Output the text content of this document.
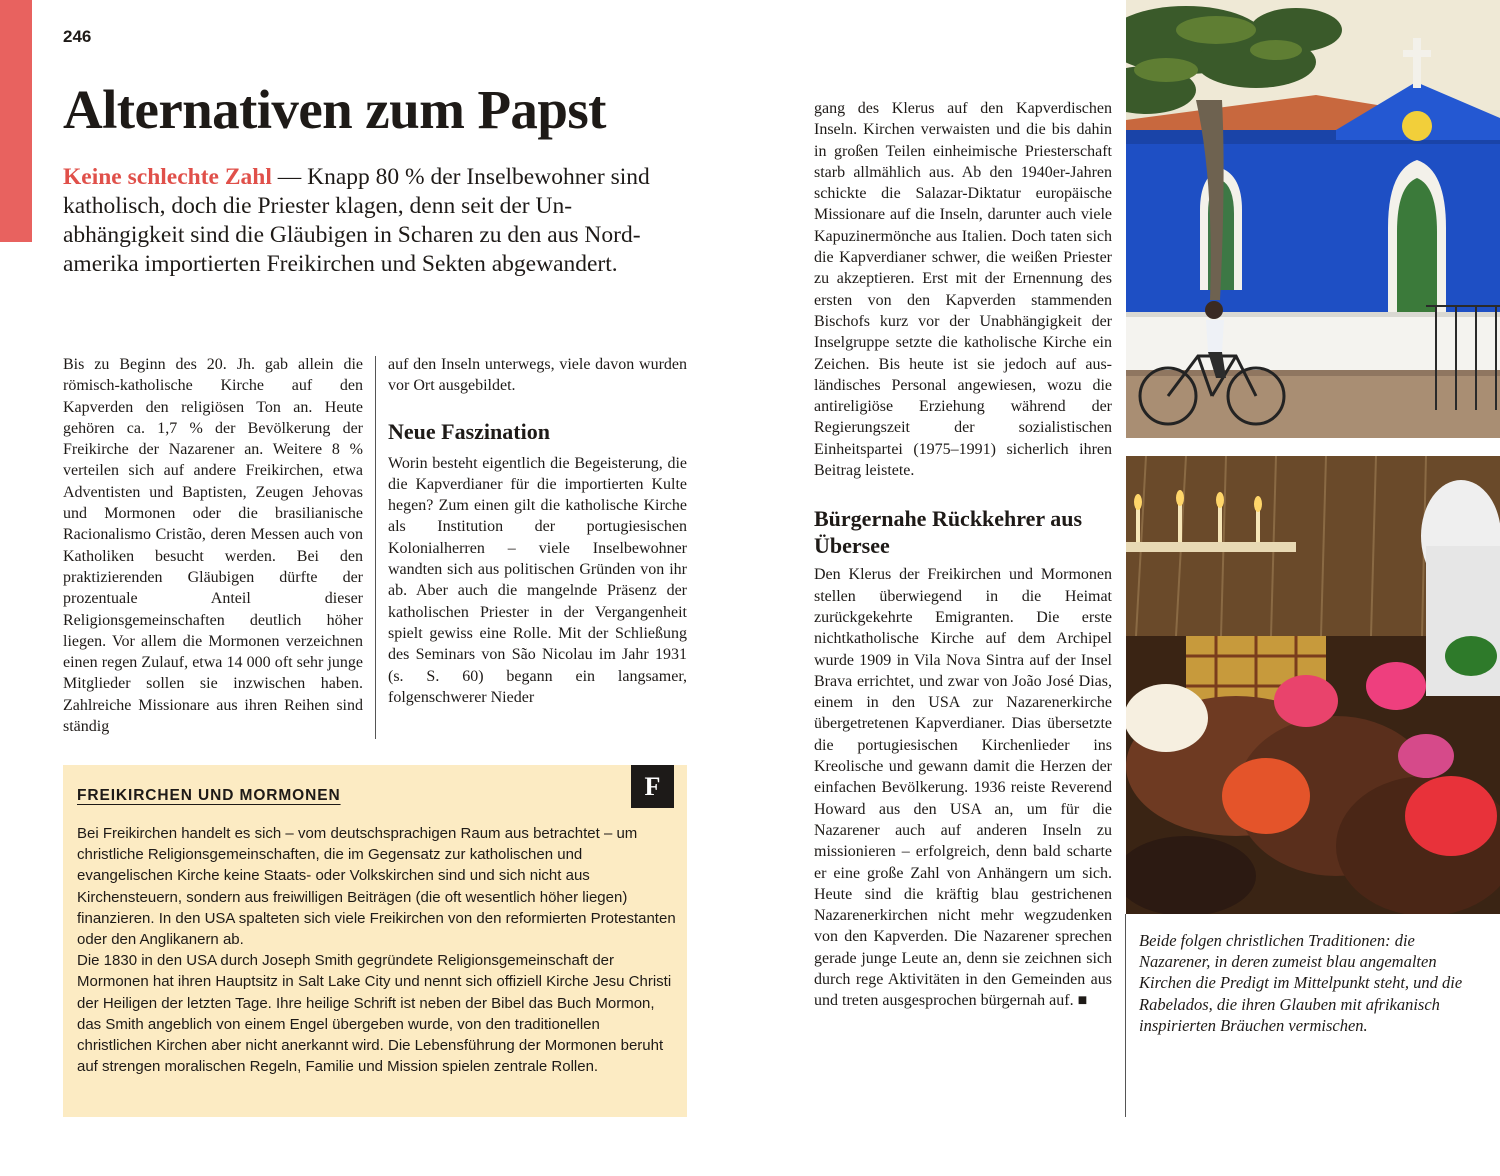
246
Alternativen zum Papst
Keine schlechte Zahl — Knapp 80 % der Inselbewohner sind katholisch, doch die Priester klagen, denn seit der Unabhängigkeit sind die Gläubigen in Scharen zu den aus Nordamerika importierten Freikirchen und Sekten abgewandert.

Bis zu Beginn des 20. Jh. gab allein die römisch-katholische Kirche auf den Kapverden den religiösen Ton an. Heute gehören ca. 1,7 % der Bevölkerung der Freikirche der Nazarener an. Weitere 8 % verteilen sich auf andere Freikirchen, etwa Adventisten und Baptisten, Zeugen Jehovas und Mormonen oder die brasilianische Racionalismo Cristão, deren Messen auch von Katholiken besucht werden. Bei den praktizierenden Gläubigen dürfte der prozentuale Anteil dieser Religionsgemeinschaften deutlich höher liegen. Vor allem die Mormonen verzeichnen einen regen Zulauf, etwa 14 000 oft sehr junge Mitglieder sollen sie inzwischen haben. Zahlreiche Missionare aus ihren Reihen sind ständig

auf den Inseln unterwegs, viele davon wurden vor Ort ausgebildet.

Neue Faszination

Worin besteht eigentlich die Begeisterung, die die Kapverdianer für die importierten Kulte hegen? Zum einen gilt die katholische Kirche als Institution der portugiesischen Kolonialherren – viele Inselbewohner wandten sich aus politischen Gründen von ihr ab. Aber auch die mangelnde Präsenz der katholischen Priester in der Vergangenheit spielt gewiss eine Rolle. Mit der Schließung des Seminars von São Nicolau im Jahr 1931 (s. S. 60) begann ein langsamer, folgenschwerer Nieder

FREIKIRCHEN UND MORMONEN	F

Bei Freikirchen handelt es sich – vom deutschsprachigen Raum aus betrachtet – um christliche Religionsgemeinschaften, die im Gegensatz zur katholischen und evangelischen Kirche keine Staats- oder Volkskirchen sind und sich nicht aus Kirchensteuern, sondern aus freiwilligen Beiträgen (die oft wesentlich höher liegen) finanzieren. In den USA spalteten sich viele Freikirchen von den reformierten Protestanten oder den Anglikanern ab.

Die 1830 in den USA durch Joseph Smith gegründete Religionsgemeinschaft der Mormonen hat ihren Hauptsitz in Salt Lake City und nennt sich offiziell Kirche Jesu Christi der Heiligen der letzten Tage. Ihre heilige Schrift ist neben der Bibel das Buch Mormon, das Smith angeblich von einem Engel übergeben wurde, von den traditionellen christlichen Kirchen aber nicht anerkannt wird. Die Lebensführung der Mormonen beruht auf strengen moralischen Regeln, Familie und Mission spielen zentrale Rollen.

gang des Klerus auf den Kapverdischen Inseln. Kirchen verwaisten und die bis dahin in großen Teilen einheimische Priesterschaft starb allmählich aus. Ab den 1940er-Jahren schickte die Salazar-Diktatur europäische Missionare auf die Inseln, darunter auch viele Kapuzinermönche aus Italien. Doch taten sich die Kapverdianer schwer, die weißen Priester zu akzeptieren. Erst mit der Ernennung des ersten von den Kapverden stammenden Bischofs kurz vor der Unabhängigkeit der Inselgruppe setzte die katholische Kirche ein Zeichen. Bis heute ist sie jedoch auf ausländisches Personal angewiesen, wozu die antireligiöse Erziehung während der Regierungszeit der sozialistischen Einheitspartei (1975–1991) sicherlich ihren Beitrag leistete.

Bürgernahe Rückkehrer aus Übersee

Den Klerus der Freikirchen und Mormonen stellen überwiegend in die Heimat zurückgekehrte Emigranten. Die erste nichtkatholische Kirche auf dem Archipel wurde 1909 in Vila Nova Sintra auf der Insel Brava errichtet, und zwar von João José Dias, einem in den USA zur Nazarenerkirche übergetretenen Kapverdianer. Dias übersetzte die portugiesischen Kirchenlieder ins Kreolische und gewann damit die Herzen der einfachen Bevölkerung. 1936 reiste Reverend Howard aus den USA an, um für die Nazarener auch auf anderen Inseln zu missionieren – erfolgreich, denn bald scharte er eine große Zahl von Anhängern um sich. Heute sind die kräftig blau gestrichenen Nazarenerkirchen nicht mehr wegzudenken von den Kapverden. Die Nazarener sprechen gerade junge Leute an, denn sie zeichnen sich durch rege Aktivitäten in den Gemeinden aus und treten ausgesprochen bürgernah auf. ■

Beide folgen christlichen Traditionen: die Nazarener, in deren zumeist blau angemalten Kirchen die Predigt im Mittelpunkt steht, und die Rabelados, die ihren Glauben mit afrikanisch inspirierten Bräuchen vermischen.
